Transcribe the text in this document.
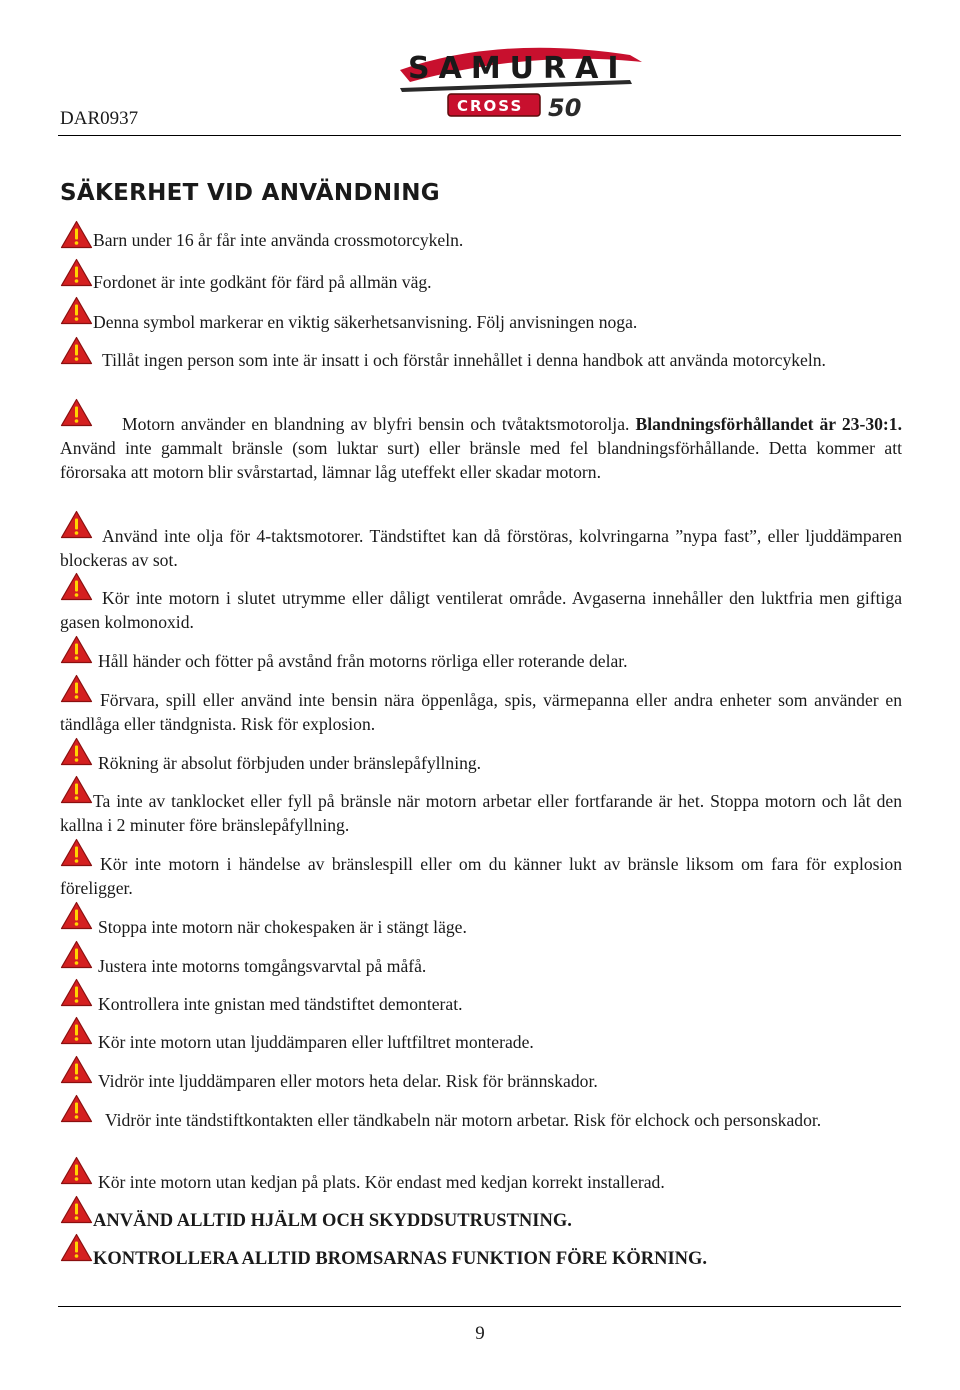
DAR0937
SAMURAI
CROSS 50
SÄKERHET VID ANVÄNDNING
Barn under 16 år får inte använda crossmotorcykeln.
Fordonet är inte godkänt för färd på allmän väg.
Denna symbol markerar en viktig säkerhetsanvisning. Följ anvisningen noga.
Tillåt ingen person som inte är insatt i och förstår innehållet i denna handbok att använda motorcykeln.
Motorn använder en blandning av blyfri bensin och tvåtaktsmotorolja. Blandningsförhållandet är 23-30:1. Använd inte gammalt bränsle (som luktar surt) eller bränsle med fel blandningsförhållande. Detta kommer att förorsaka att motorn blir svårstartad, lämnar låg uteffekt eller skadar motorn.
Använd inte olja för 4-taktsmotorer. Tändstiftet kan då förstöras, kolvringarna ”nypa fast”, eller ljuddämparen blockeras av sot.
Kör inte motorn i slutet utrymme eller dåligt ventilerat område. Avgaserna innehåller den luktfria men giftiga gasen kolmonoxid.
Håll händer och fötter på avstånd från motorns rörliga eller roterande delar.
Förvara, spill eller använd inte bensin nära öppenlåga, spis, värmepanna eller andra enheter som använder en tändlåga eller tändgnista. Risk för explosion.
Rökning är absolut förbjuden under bränslepåfyllning.
Ta inte av tanklocket eller fyll på bränsle när motorn arbetar eller fortfarande är het. Stoppa motorn och låt den kallna i 2 minuter före bränslepåfyllning.
Kör inte motorn i händelse av bränslespill eller om du känner lukt av bränsle liksom om fara för explosion föreligger.
Stoppa inte motorn när chokespaken är i stängt läge.
Justera inte motorns tomgångsvarvtal på måfå.
Kontrollera inte gnistan med tändstiftet demonterat.
Kör inte motorn utan ljuddämparen eller luftfiltret monterade.
Vidrör inte ljuddämparen eller motors heta delar. Risk för brännskador.
Vidrör inte tändstiftkontakten eller tändkabeln när motorn arbetar. Risk för elchock och personskador.
Kör inte motorn utan kedjan på plats. Kör endast med kedjan korrekt installerad.
ANVÄND ALLTID HJÄLM OCH SKYDDSUTRUSTNING.
KONTROLLERA ALLTID BROMSARNAS FUNKTION FÖRE KÖRNING.
9
